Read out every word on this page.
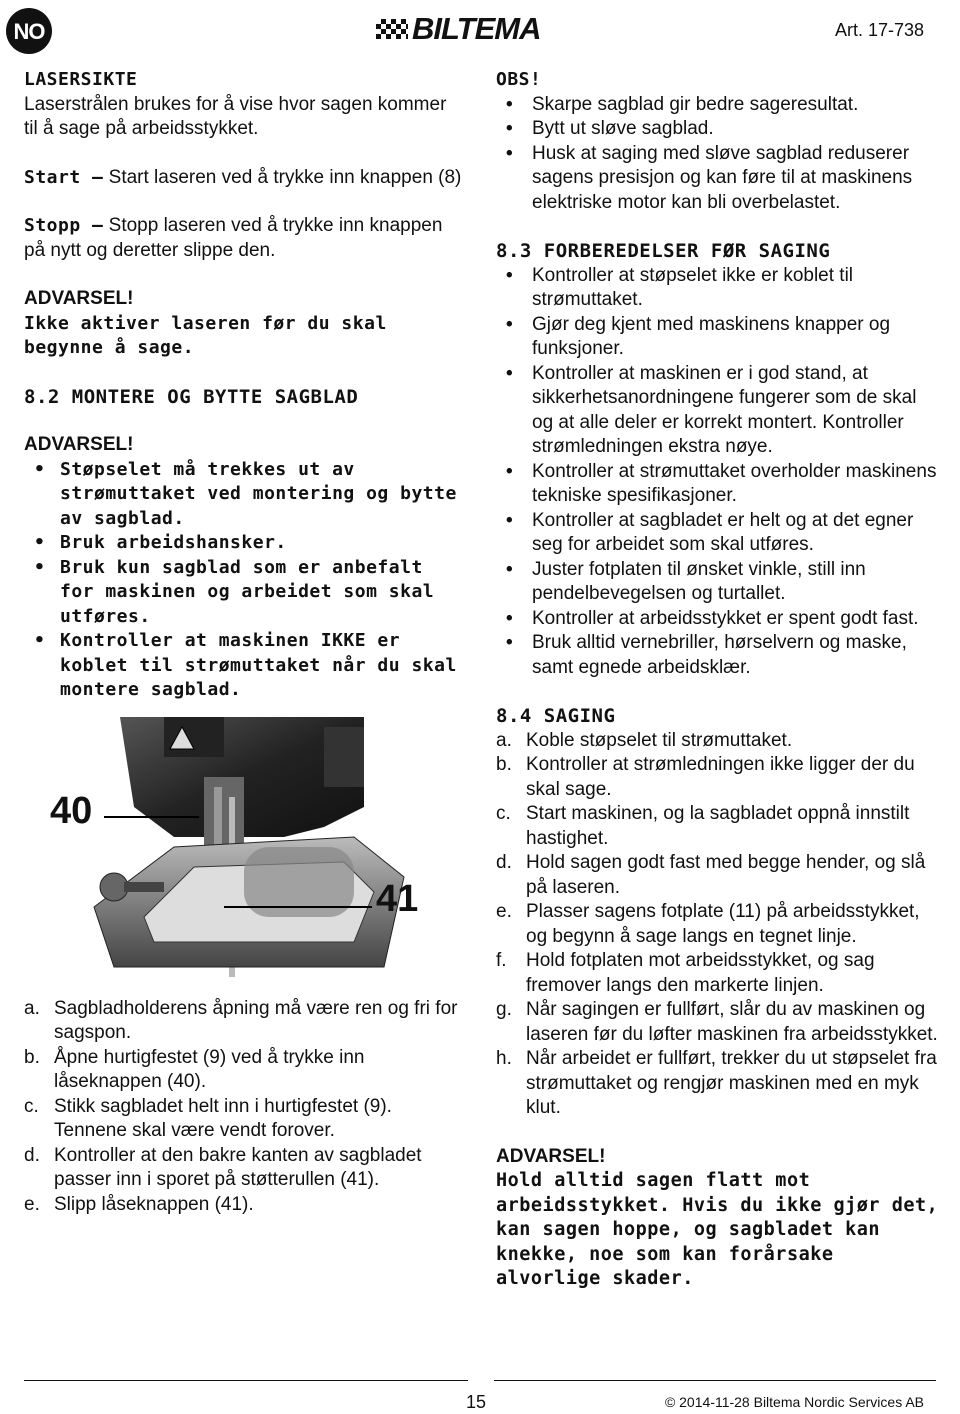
NO	BILTEMA	Art. 17-738

LASERSIKTE

Laserstrålen brukes for å vise hvor sagen kommer til å sage på arbeidsstykket.

Start – Start laseren ved å trykke inn knappen (8)

Stopp – Stopp laseren ved å trykke inn knappen på nytt og deretter slippe den.

ADVARSEL!

Ikke aktiver laseren før du skal begynne å sage.

8.2 MONTERE OG BYTTE SAGBLAD

ADVARSEL!

• Støpselet må trekkes ut av strømuttaket ved montering og bytte av sagblad.
• Bruk arbeidshansker.
• Bruk kun sagblad som er anbefalt for maskinen og arbeidet som skal utføres.
• Kontroller at maskinen IKKE er koblet til strømuttaket når du skal montere sagblad.
40
41
a. Sagbladholderens åpning må være ren og fri for sagspon.
b. Åpne hurtigfestet (9) ved å trykke inn låseknappen (40).
c. Stikk sagbladet helt inn i hurtigfestet (9). Tennene skal være vendt forover.
d. Kontroller at den bakre kanten av sagbladet passer inn i sporet på støtterullen (41).
e. Slipp låseknappen (41).

OBS!

• Skarpe sagblad gir bedre sageresultat.
• Bytt ut sløve sagblad.
• Husk at saging med sløve sagblad reduserer sagens presisjon og kan føre til at maskinens elektriske motor kan bli overbelastet.

8.3 FORBEREDELSER FØR SAGING

• Kontroller at støpselet ikke er koblet til strømuttaket.
• Gjør deg kjent med maskinens knapper og funksjoner.
• Kontroller at maskinen er i god stand, at sikkerhetsanordningene fungerer som de skal og at alle deler er korrekt montert. Kontroller strømledningen ekstra nøye.
• Kontroller at strømuttaket overholder maskinens tekniske spesifikasjoner.
• Kontroller at sagbladet er helt og at det egner seg for arbeidet som skal utføres.
• Juster fotplaten til ønsket vinkle, still inn pendelbevegelsen og turtallet.
• Kontroller at arbeidsstykket er spent godt fast.
• Bruk alltid vernebriller, hørselvern og maske, samt egnede arbeidsklær.

8.4 SAGING

a. Koble støpselet til strømuttaket.
b. Kontroller at strømledningen ikke ligger der du skal sage.
c. Start maskinen, og la sagbladet oppnå innstilt hastighet.
d. Hold sagen godt fast med begge hender, og slå på laseren.
e. Plasser sagens fotplate (11) på arbeidsstykket, og begynn å sage langs en tegnet linje.
f. Hold fotplaten mot arbeidsstykket, og sag fremover langs den markerte linjen.
g. Når sagingen er fullført, slår du av maskinen og laseren før du løfter maskinen fra arbeidsstykket.
h. Når arbeidet er fullført, trekker du ut støpselet fra strømuttaket og rengjør maskinen med en myk klut.

ADVARSEL!

Hold alltid sagen flatt mot arbeidsstykket. Hvis du ikke gjør det, kan sagen hoppe, og sagbladet kan knekke, noe som kan forårsake alvorlige skader.

15	© 2014-11-28 Biltema Nordic Services AB
